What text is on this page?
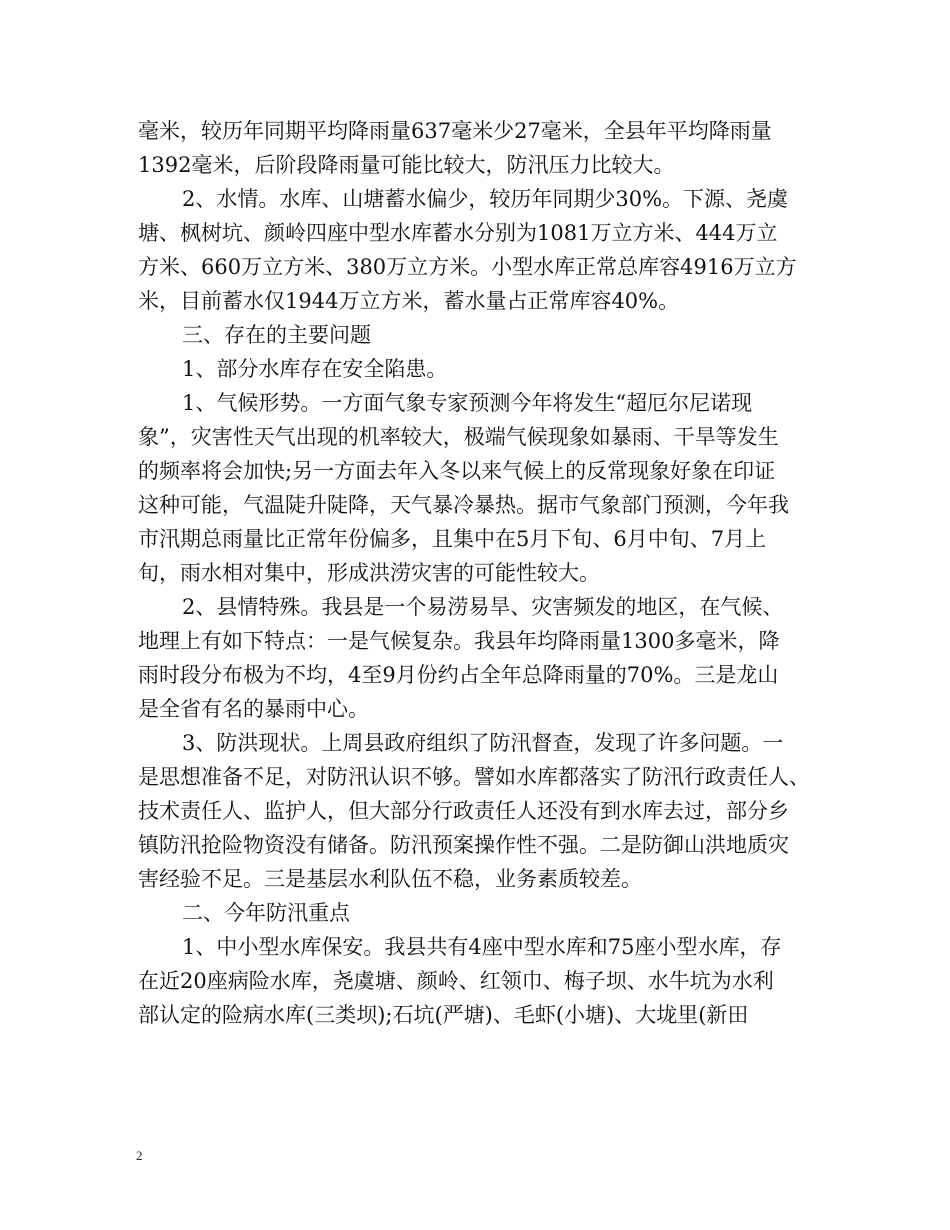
毫米，较历年同期平均降雨量637毫米少27毫米，全县年平均降雨量
1392毫米，后阶段降雨量可能比较大，防汛压力比较大。
2、水情。水库、山塘蓄水偏少，较历年同期少30%。下源、尧虞
塘、枫树坑、颜岭四座中型水库蓄水分别为1081万立方米、444万立
方米、660万立方米、380万立方米。小型水库正常总库容4916万立方
米，目前蓄水仅1944万立方米，蓄水量占正常库容40%。
三、存在的主要问题
1、部分水库存在安全陷患。
1、气候形势。一方面气象专家预测今年将发生“超厄尔尼诺现
象”，灾害性天气出现的机率较大，极端气候现象如暴雨、干旱等发生
的频率将会加快;另一方面去年入冬以来气候上的反常现象好象在印证
这种可能，气温陡升陡降，天气暴冷暴热。据市气象部门预测，今年我
市汛期总雨量比正常年份偏多，且集中在5月下旬、6月中旬、7月上
旬，雨水相对集中，形成洪涝灾害的可能性较大。
2、县情特殊。我县是一个易涝易旱、灾害频发的地区，在气候、
地理上有如下特点：一是气候复杂。我县年均降雨量1300多毫米，降
雨时段分布极为不均，4至9月份约占全年总降雨量的70%。三是龙山
是全省有名的暴雨中心。
3、防洪现状。上周县政府组织了防汛督查，发现了许多问题。一
是思想准备不足，对防汛认识不够。譬如水库都落实了防汛行政责任人、
技术责任人、监护人，但大部分行政责任人还没有到水库去过，部分乡
镇防汛抢险物资没有储备。防汛预案操作性不强。二是防御山洪地质灾
害经验不足。三是基层水利队伍不稳，业务素质较差。
二、今年防汛重点
1、中小型水库保安。我县共有4座中型水库和75座小型水库，存
在近20座病险水库，尧虞塘、颜岭、红领巾、梅子坝、水牛坑为水利
部认定的险病水库(三类坝);石坑(严塘)、毛虾(小塘)、大垅里(新田
2
